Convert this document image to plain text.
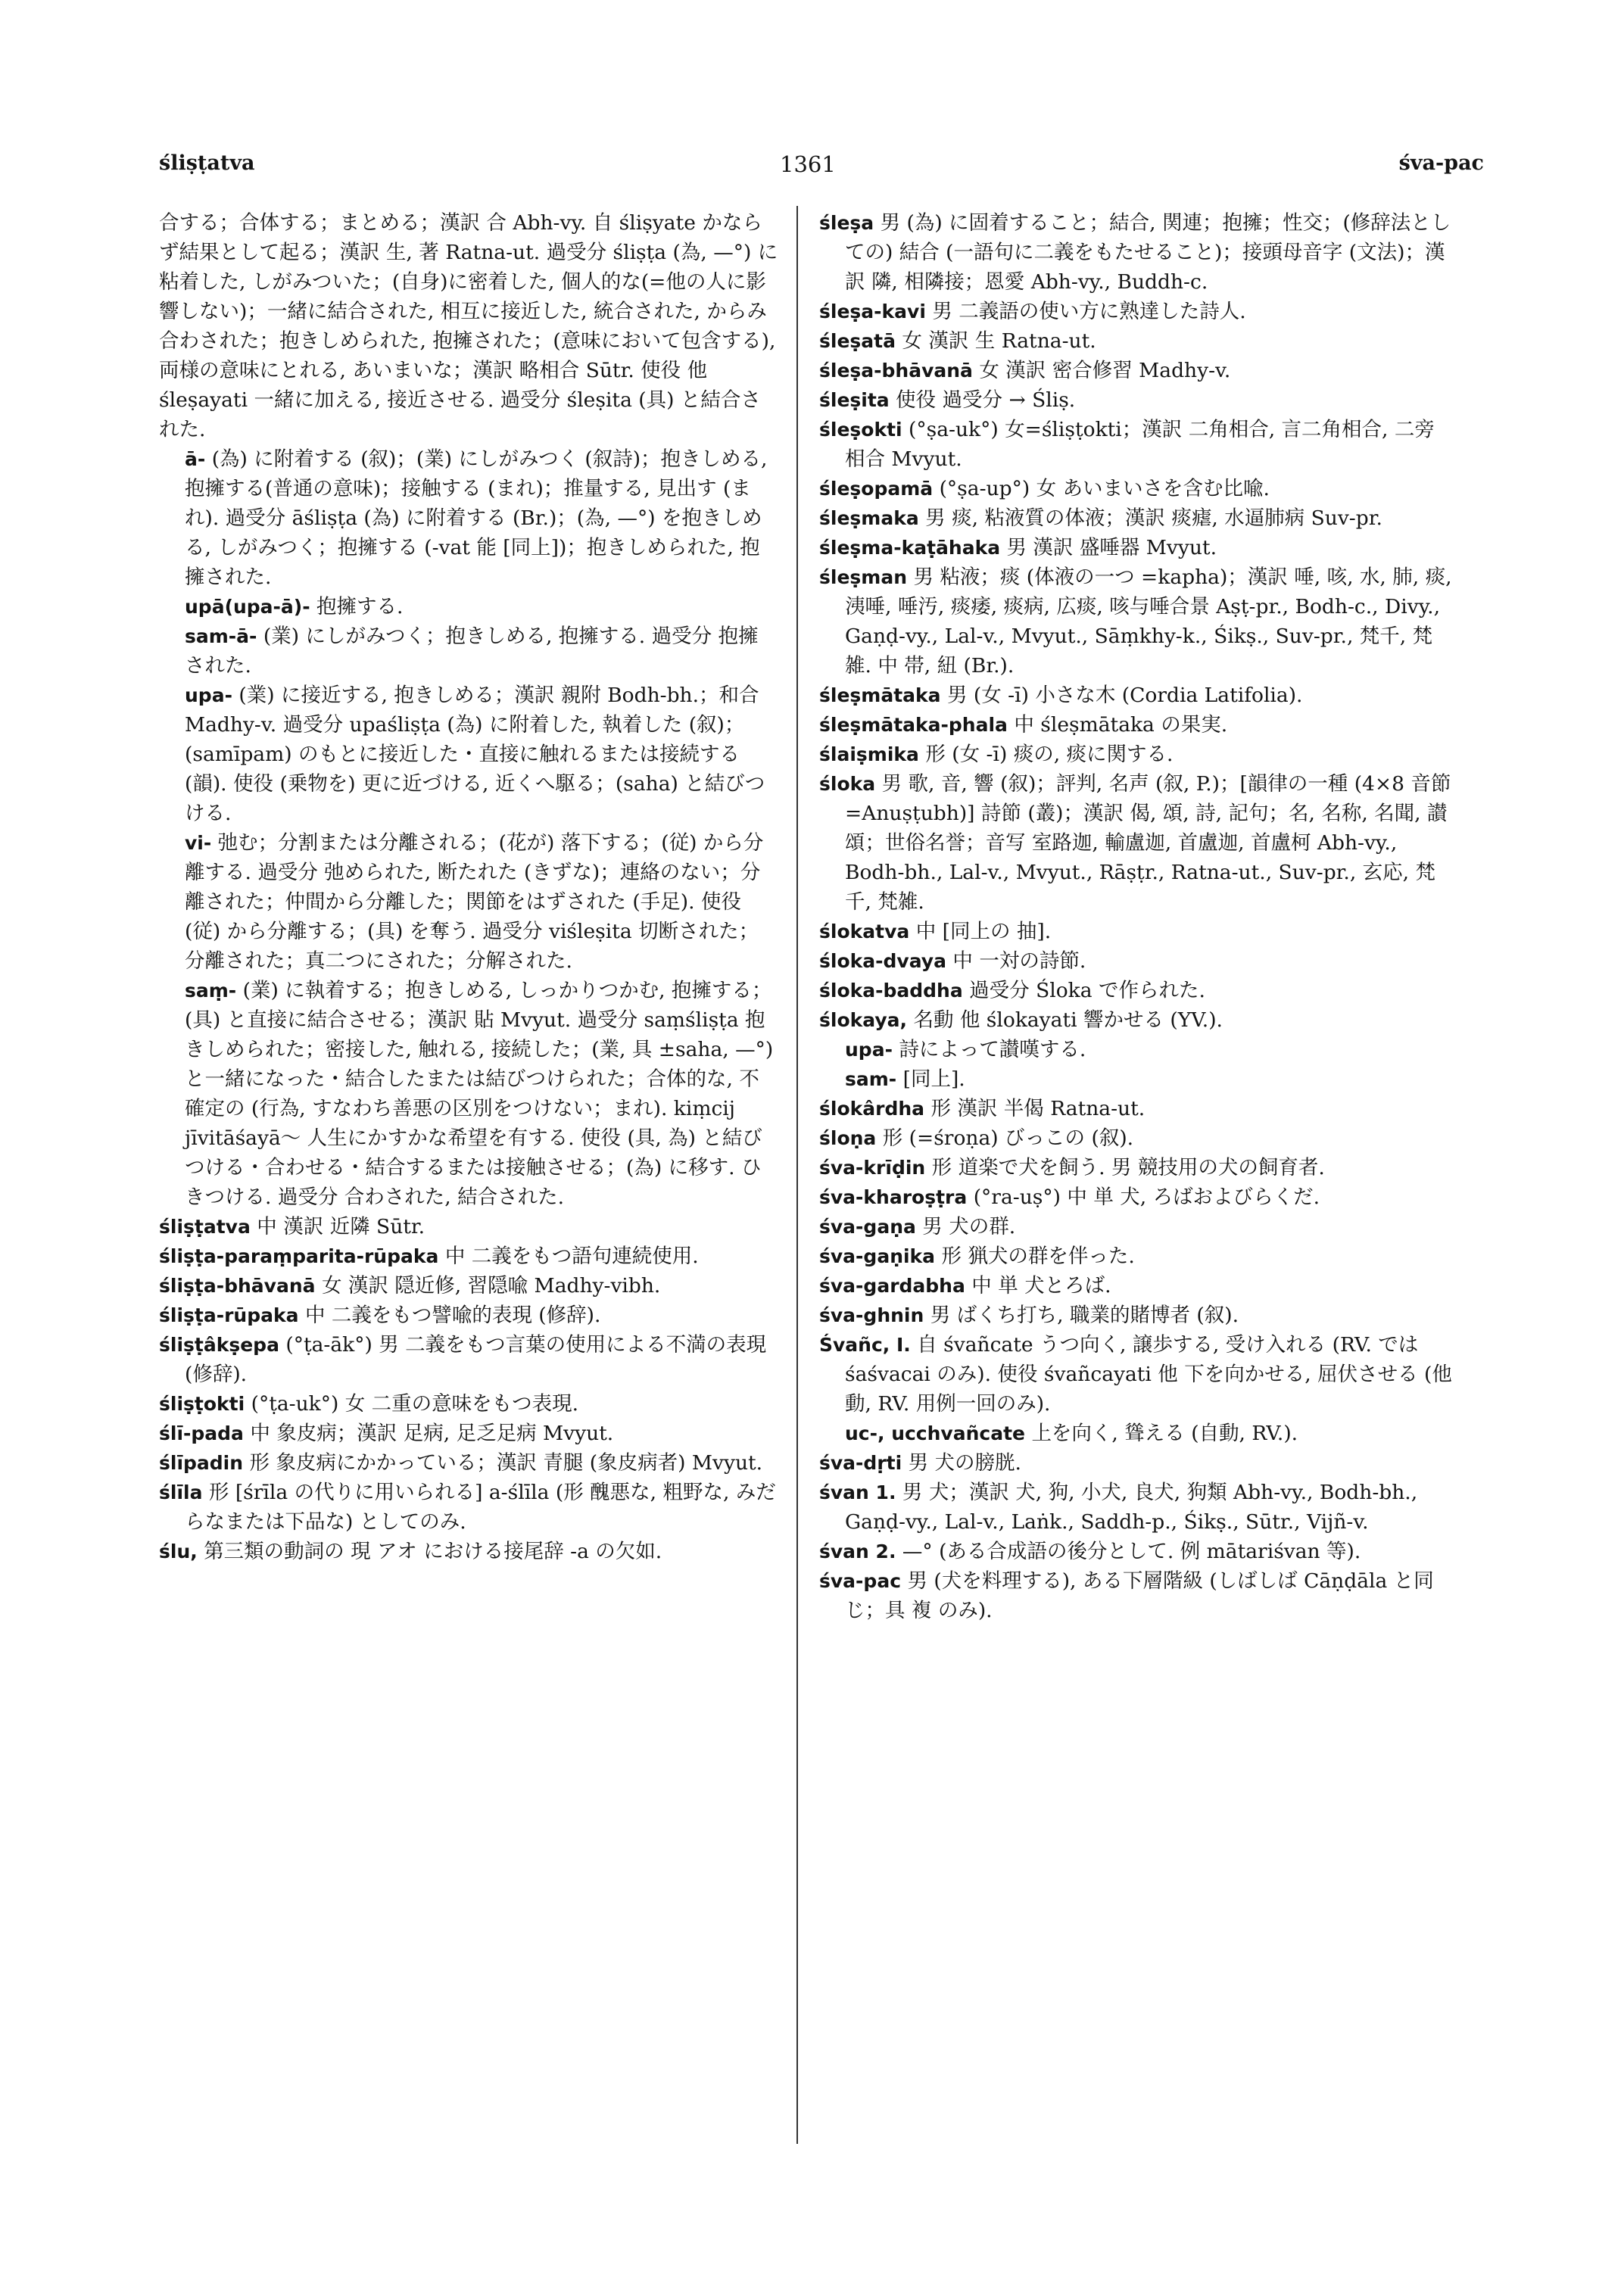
śliṣṭatva	1361	śva-pac

合する；合体する；まとめる；漢訳 合 Abh-vy. 自 śliṣyate かならず結果として起る；漢訳 生, 著 Ratna-ut. 過受分 śliṣṭa (為, —°) に粘着した, しがみついた；(自身)に密着した, 個人的な(=他の人に影響しない)；一緒に結合された, 相互に接近した, 統合された, からみ合わされた；抱きしめられた, 抱擁された；(意味において包含する), 両様の意味にとれる, あいまいな；漢訳 略相合 Sūtr. 使役 他 śleṣayati 一緒に加える, 接近させる. 過受分 śleṣita (具) と結合された.

ā- (為) に附着する (叙)；(業) にしがみつく (叙詩)；抱きしめる, 抱擁する(普通の意味)；接触する (まれ)；推量する, 見出す (まれ). 過受分 āśliṣṭa (為) に附着する (Br.)；(為, —°) を抱きしめる, しがみつく；抱擁する (-vat 能 [同上])；抱きしめられた, 抱擁された.

upā(upa-ā)- 抱擁する.

sam-ā- (業) にしがみつく；抱きしめる, 抱擁する. 過受分 抱擁された.

upa- (業) に接近する, 抱きしめる；漢訳 親附 Bodh-bh.；和合 Madhy-v. 過受分 upaśliṣṭa (為) に附着した, 執着した (叙)；(samīpam) のもとに接近した・直接に触れるまたは接続する (韻). 使役 (乗物を) 更に近づける, 近くへ駆る；(saha) と結びつける.

vi- 弛む；分割または分離される；(花が) 落下する；(従) から分離する. 過受分 弛められた, 断たれた (きずな)；連絡のない；分離された；仲間から分離した；関節をはずされた (手足). 使役 (従) から分離する；(具) を奪う. 過受分 viśleṣita 切断された；分離された；真二つにされた；分解された.

saṃ- (業) に執着する；抱きしめる, しっかりつかむ, 抱擁する；(具) と直接に結合させる；漢訳 貼 Mvyut. 過受分 saṃśliṣṭa 抱きしめられた；密接した, 触れる, 接続した；(業, 具 ±saha, —°) と一緒になった・結合したまたは結びつけられた；合体的な, 不確定の (行為, すなわち善悪の区別をつけない；まれ). kiṃcij jīvitāśayā～ 人生にかすかな希望を有する. 使役 (具, 為) と結びつける・合わせる・結合するまたは接触させる；(為) に移す. ひきつける. 過受分 合わされた, 結合された.

śliṣṭatva 中 漢訳 近隣 Sūtr.

śliṣṭa-paraṃparita-rūpaka 中 二義をもつ語句連続使用.

śliṣṭa-bhāvanā 女 漢訳 隠近修, 習隠喩 Madhy-vibh.

śliṣṭa-rūpaka 中 二義をもつ譬喩的表現 (修辞).

śliṣṭâkṣepa (°ṭa-āk°) 男 二義をもつ言葉の使用による不満の表現 (修辞).

śliṣṭokti (°ṭa-uk°) 女 二重の意味をもつ表現.

ślī-pada 中 象皮病；漢訳 足病, 足乏足病 Mvyut.

ślīpadin 形 象皮病にかかっている；漢訳 青腿 (象皮病者) Mvyut.

ślīla 形 [śrīla の代りに用いられる] a-ślīla (形 醜悪な, 粗野な, みだらなまたは下品な) としてのみ.

ślu, 第三類の動詞の 現 アオ における接尾辞 -a の欠如.

śleṣa 男 (為) に固着すること；結合, 関連；抱擁；性交；(修辞法としての) 結合 (一語句に二義をもたせること)；接頭母音字 (文法)；漢訳 隣, 相隣接；恩愛 Abh-vy., Buddh-c.

śleṣa-kavi 男 二義語の使い方に熟達した詩人.

śleṣatā 女 漢訳 生 Ratna-ut.

śleṣa-bhāvanā 女 漢訳 密合修習 Madhy-v.

śleṣita 使役 過受分 → Śliṣ.

śleṣokti (°ṣa-uk°) 女=śliṣṭokti；漢訳 二角相合, 言二角相合, 二旁相合 Mvyut.

śleṣopamā (°ṣa-up°) 女 あいまいさを含む比喩.

śleṣmaka 男 痰, 粘液質の体液；漢訳 痰瘧, 水逼肺病 Suv-pr.

śleṣma-kaṭāhaka 男 漢訳 盛唾器 Mvyut.

śleṣman 男 粘液；痰 (体液の一つ =kapha)；漢訳 唾, 咳, 水, 肺, 痰, 洟唾, 唾汚, 痰痿, 痰病, 広痰, 咳与唾合景 Aṣṭ-pr., Bodh-c., Divy., Gaṇḍ-vy., Lal-v., Mvyut., Sāṃkhy-k., Śikṣ., Suv-pr., 梵千, 梵雑. 中 帯, 紐 (Br.).

śleṣmātaka 男 (女 -ī) 小さな木 (Cordia Latifolia).

śleṣmātaka-phala 中 śleṣmātaka の果実.

ślaiṣmika 形 (女 -ī) 痰の, 痰に関する.

śloka 男 歌, 音, 響 (叙)；評判, 名声 (叙, P.)；[韻律の一種 (4×8 音節 =Anuṣṭubh)] 詩節 (叢)；漢訳 偈, 頌, 詩, 記句；名, 名称, 名聞, 讃頌；世俗名誉；音写 室路迦, 輸盧迦, 首盧迦, 首盧柯 Abh-vy., Bodh-bh., Lal-v., Mvyut., Rāṣṭr., Ratna-ut., Suv-pr., 玄応, 梵千, 梵雑.

ślokatva 中 [同上の 抽].

śloka-dvaya 中 一対の詩節.

śloka-baddha 過受分 Śloka で作られた.

ślokaya, 名動 他 ślokayati 響かせる (YV.).

upa- 詩によって讃嘆する.

sam- [同上].

ślokârdha 形 漢訳 半偈 Ratna-ut.

śloṇa 形 (=śroṇa) びっこの (叙).

śva-krīḍin 形 道楽で犬を飼う. 男 競技用の犬の飼育者.

śva-kharoṣṭra (°ra-uṣ°) 中 単 犬, ろばおよびらくだ.

śva-gaṇa 男 犬の群.

śva-gaṇika 形 猟犬の群を伴った.

śva-gardabha 中 単 犬とろば.

śva-ghnin 男 ばくち打ち, 職業的賭博者 (叙).

Śvañc, I. 自 śvañcate うつ向く, 譲歩する, 受け入れる (RV. では śaśvacai のみ). 使役 śvañcayati 他 下を向かせる, 屈伏させる (他動, RV. 用例一回のみ).

uc-, ucchvañcate 上を向く, 聳える (自動, RV.).

śva-dṛti 男 犬の膀胱.

śvan 1. 男 犬；漢訳 犬, 狗, 小犬, 良犬, 狗類 Abh-vy., Bodh-bh., Gaṇḍ-vy., Lal-v., Laṅk., Saddh-p., Śikṣ., Sūtr., Vijñ-v.

śvan 2. —° (ある合成語の後分として. 例 mātariśvan 等).

śva-pac 男 (犬を料理する), ある下層階級 (しばしば Cāṇḍāla と同じ；具 複 のみ).
